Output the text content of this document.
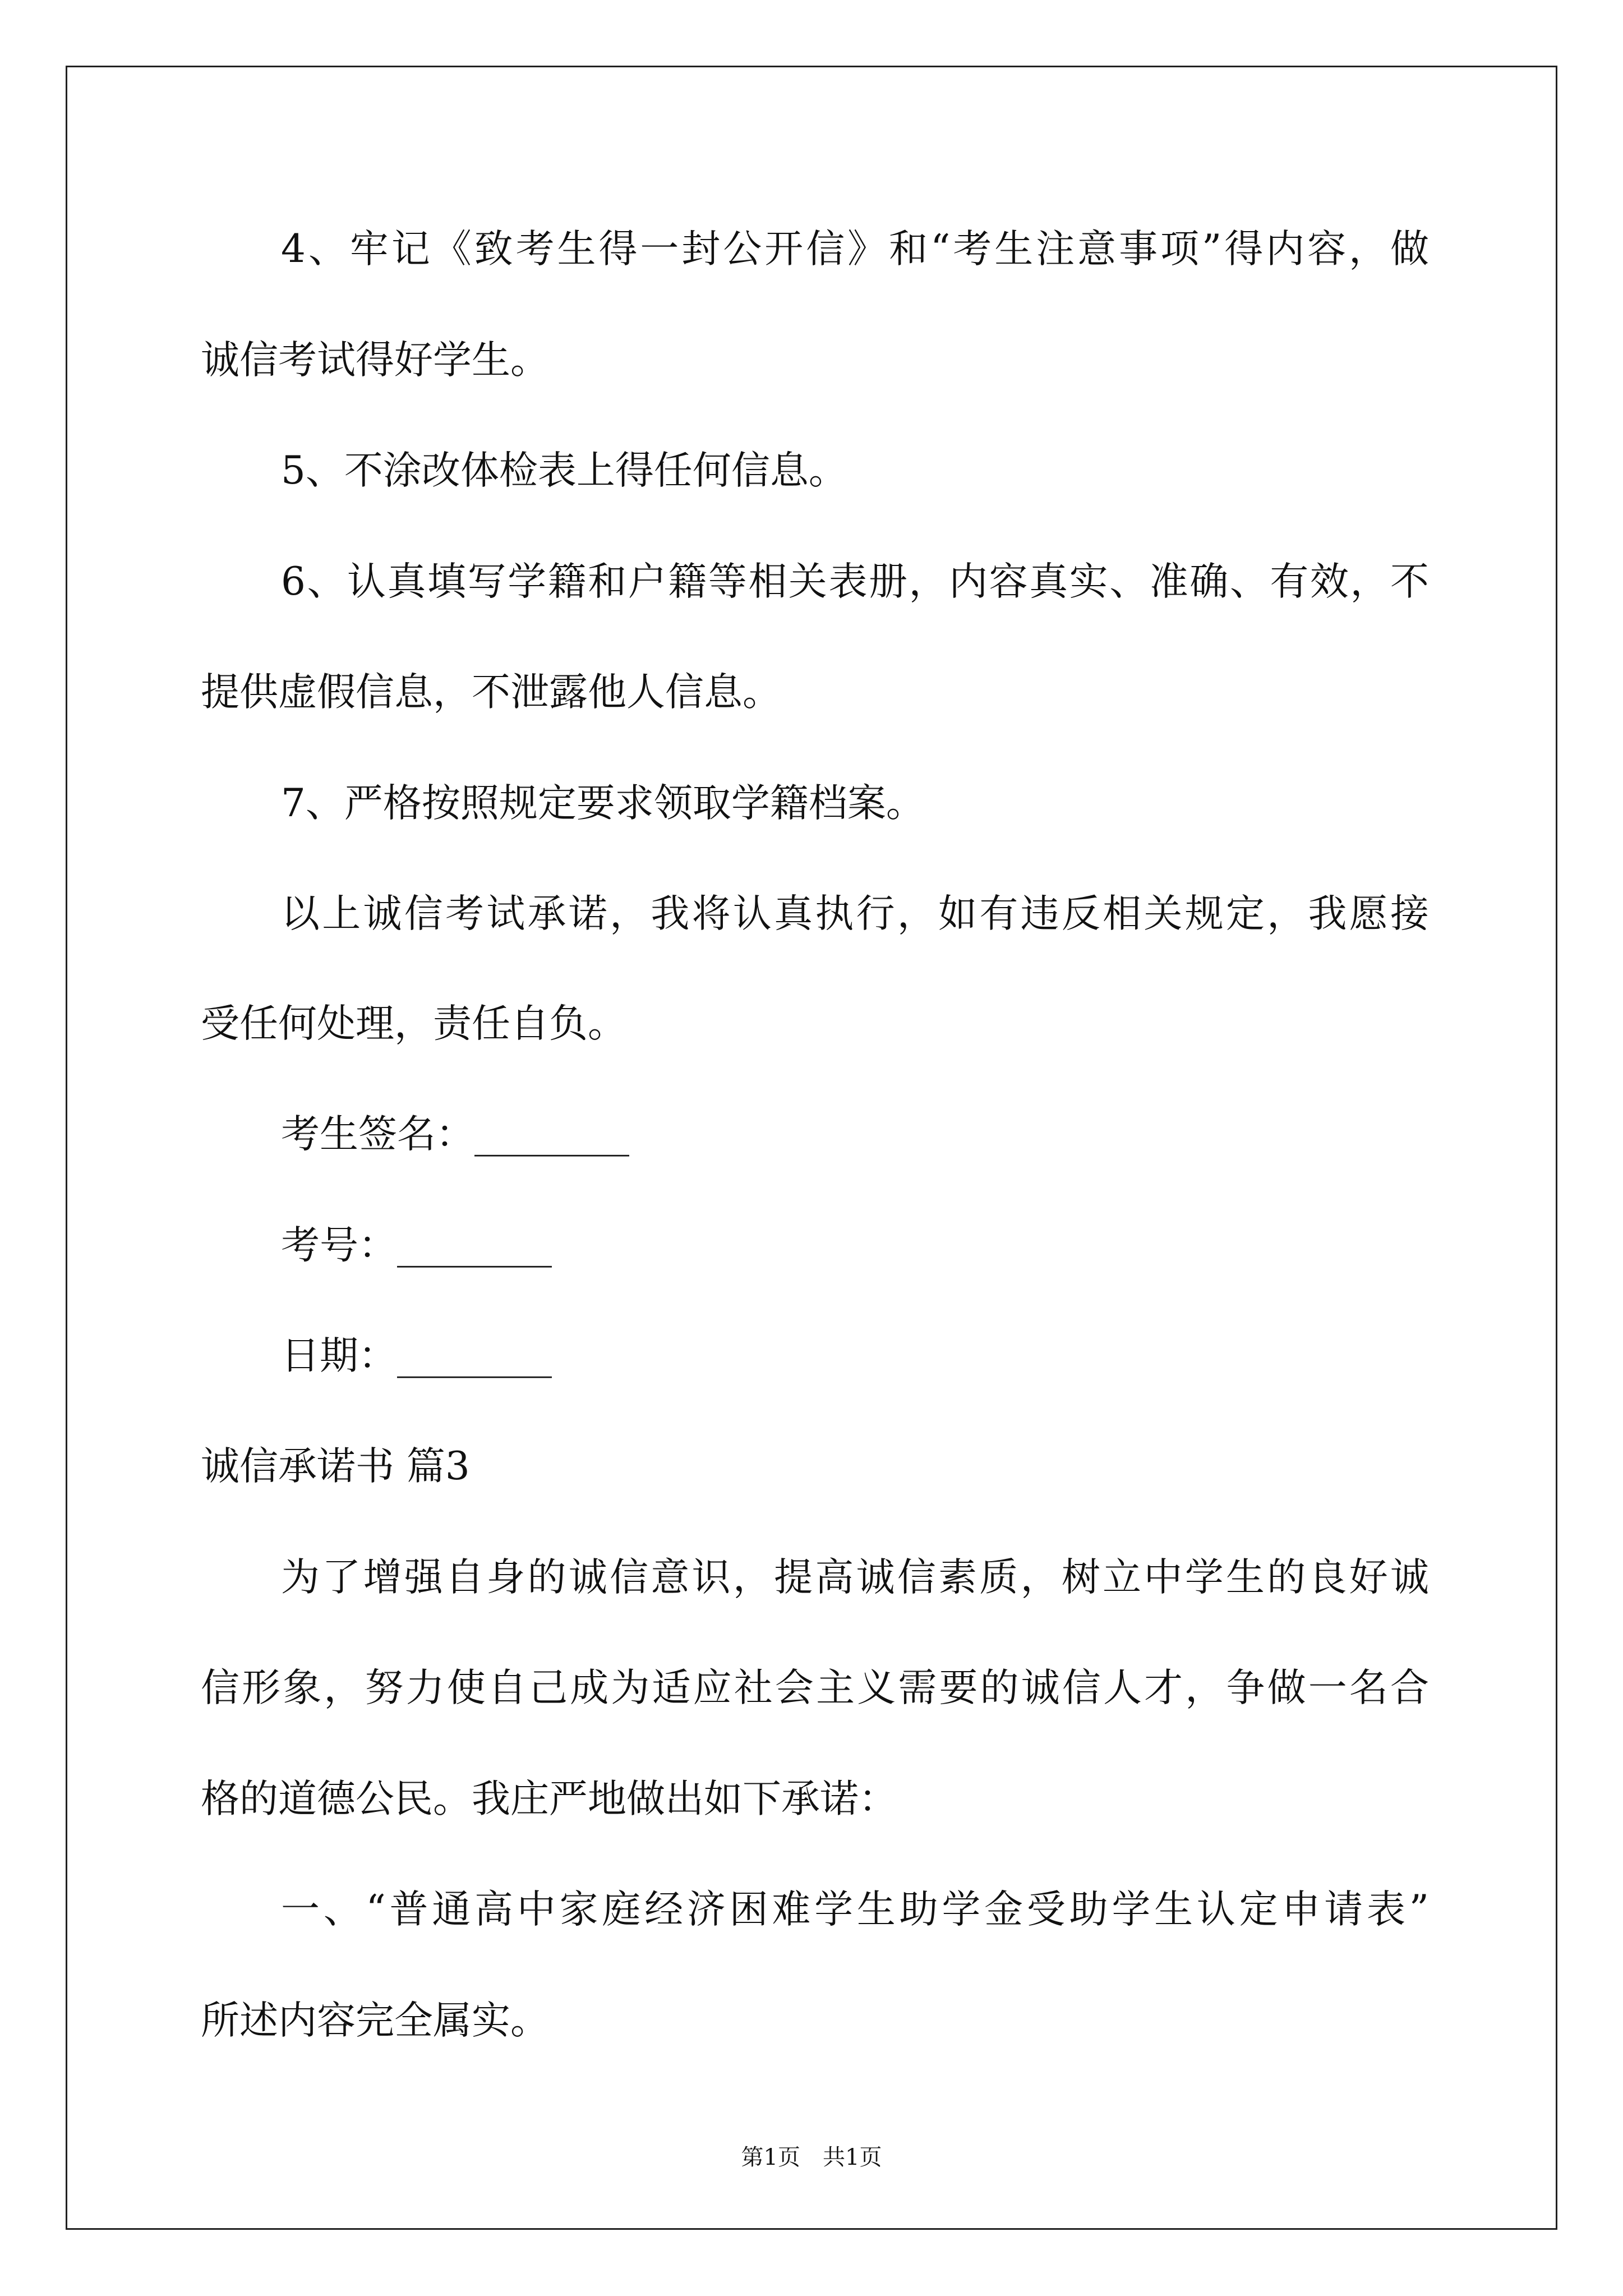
4、牢记《致考生得一封公开信》和“考生注意事项”得内容，做
诚信考试得好学生。
5、不涂改体检表上得任何信息。
6、认真填写学籍和户籍等相关表册，内容真实、准确、有效，不
提供虚假信息，不泄露他人信息。
7、严格按照规定要求领取学籍档案。
以上诚信考试承诺，我将认真执行，如有违反相关规定，我愿接
受任何处理，责任自负。
考生签名：________
考号：________
日期：________
诚信承诺书 篇3
为了增强自身的诚信意识，提高诚信素质，树立中学生的良好诚
信形象，努力使自己成为适应社会主义需要的诚信人才，争做一名合
格的道德公民。我庄严地做出如下承诺：
一、“普通高中家庭经济困难学生助学金受助学生认定申请表”
所述内容完全属实。
第1页　共1页
